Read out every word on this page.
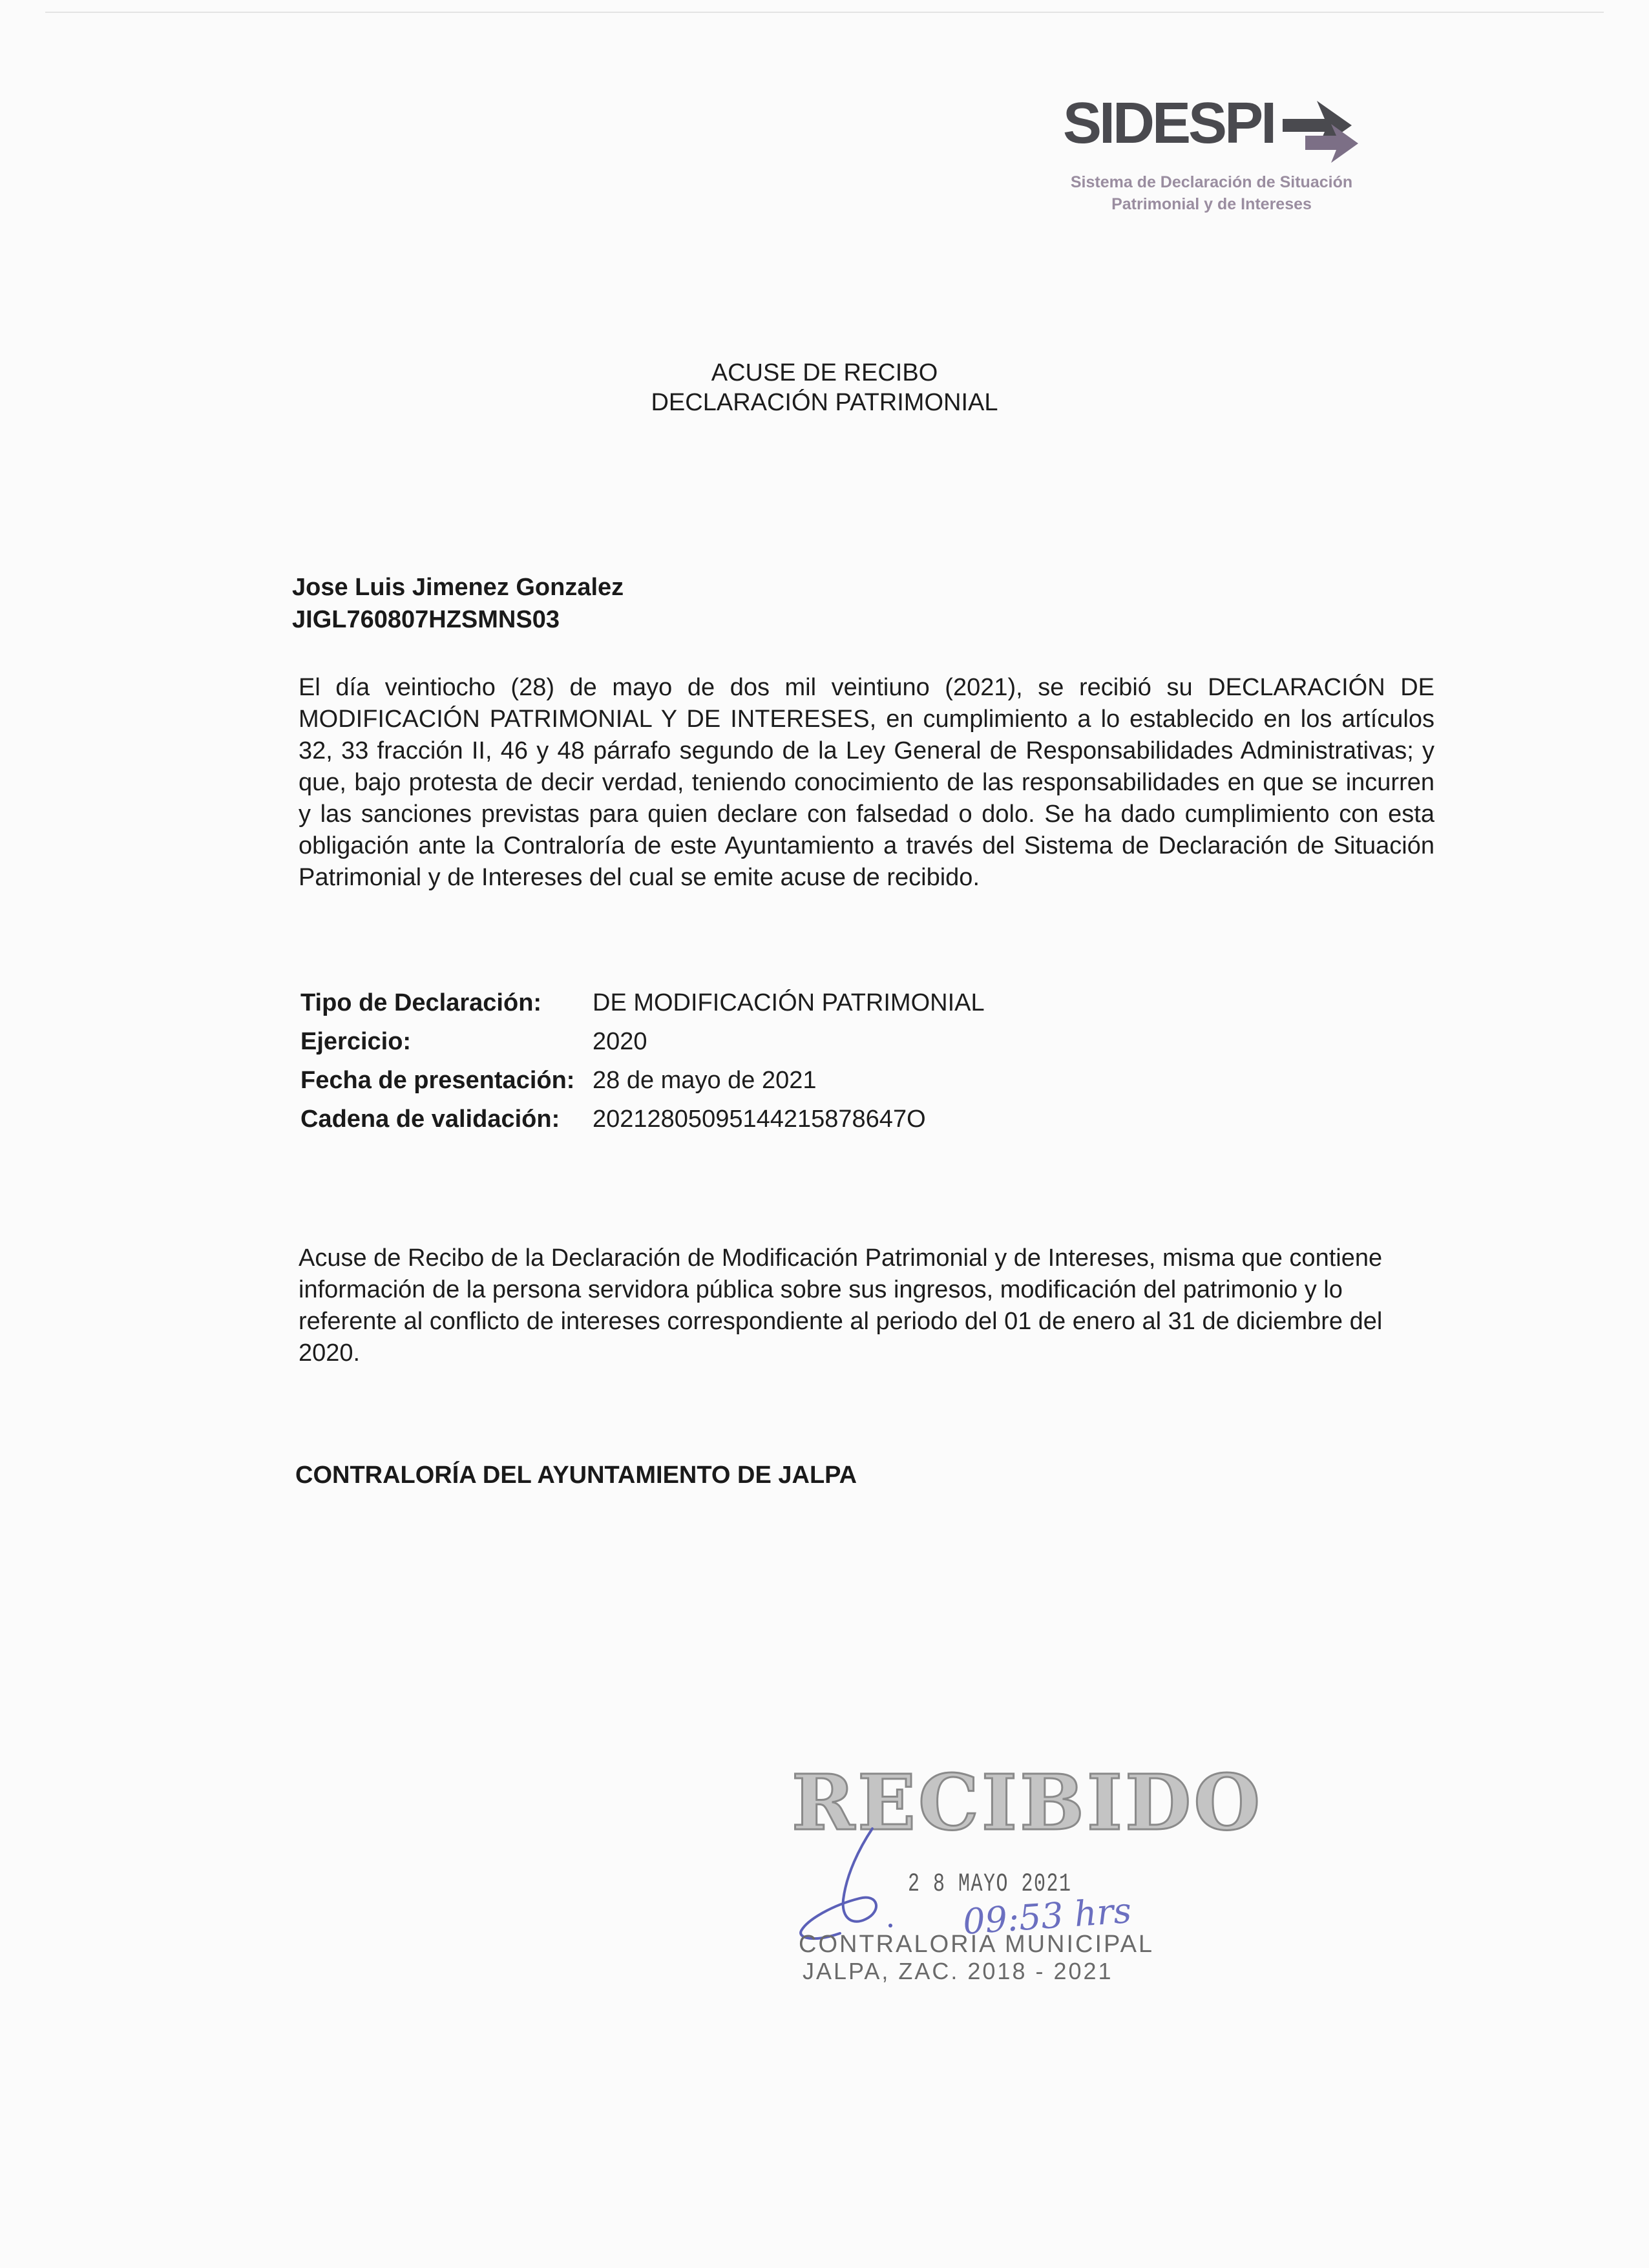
SIDESPI
Sistema de Declaración de Situación
Patrimonial y de Intereses
ACUSE DE RECIBO
DECLARACIÓN PATRIMONIAL
Jose Luis Jimenez Gonzalez
JIGL760807HZSMNS03
El día veintiocho (28) de mayo de dos mil veintiuno (2021), se recibió su DECLARACIÓN DE MODIFICACIÓN PATRIMONIAL Y DE INTERESES, en cumplimiento a lo establecido en los artículos 32, 33 fracción II, 46 y 48 párrafo segundo de la Ley General de Responsabilidades Administrativas; y que, bajo protesta de decir verdad, teniendo conocimiento de las responsabilidades en que se incurren y las sanciones previstas para quien declare con falsedad o dolo. Se ha dado cumplimiento con esta obligación ante la Contraloría de este Ayuntamiento a través del Sistema de Declaración de Situación Patrimonial y de Intereses del cual se emite acuse de recibido.
Tipo de Declaración: DE MODIFICACIÓN PATRIMONIAL
Ejercicio:	2020
Fecha de presentación: 28 de mayo de 2021
Cadena de validación: 20212805095144215878647O
Acuse de Recibo de la Declaración de Modificación Patrimonial y de Intereses, misma que contiene información de la persona servidora pública sobre sus ingresos, modificación del patrimonio y lo referente al conflicto de intereses correspondiente al periodo del 01 de enero al 31 de diciembre del 2020.
CONTRALORÍA DEL AYUNTAMIENTO DE JALPA
RECIBIDO
2 8 MAYO 2021
09:53 hrs
CONTRALORIA MUNICIPAL
JALPA, ZAC. 2018 - 2021
